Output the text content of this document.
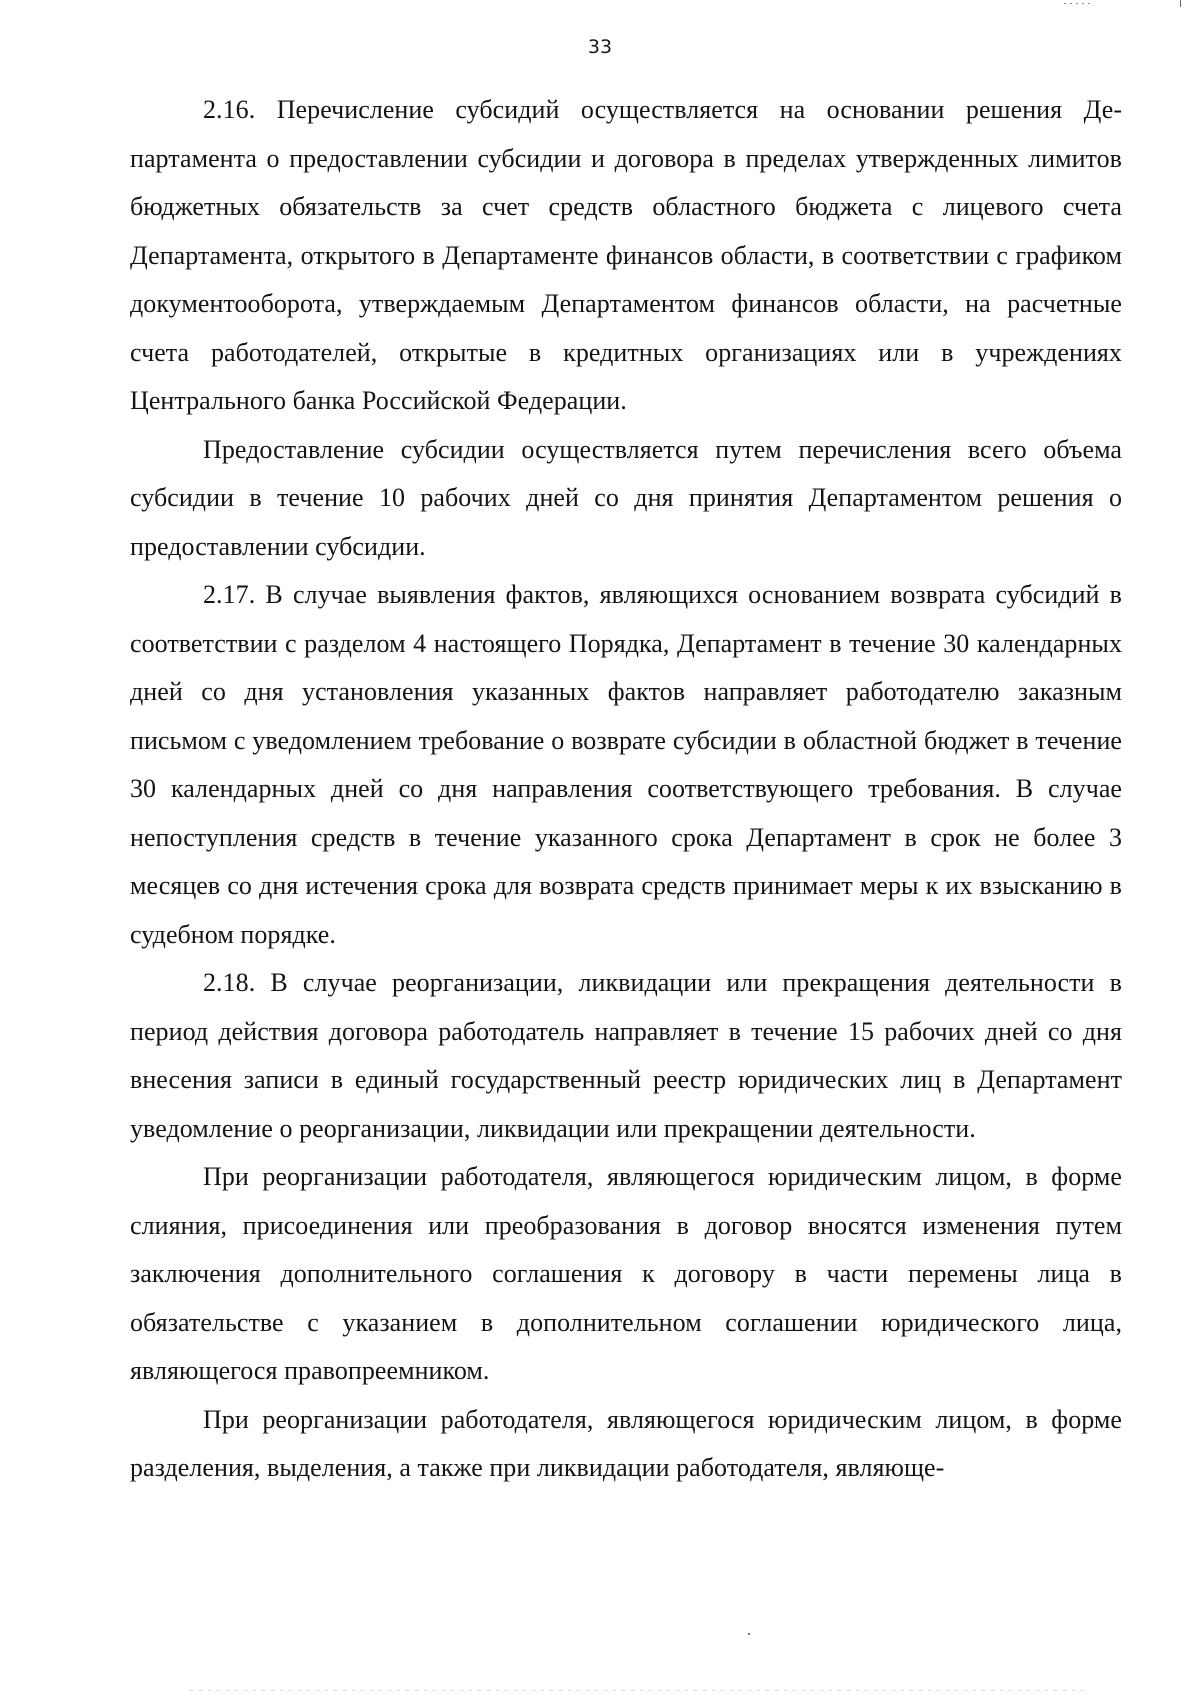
33

2.16. Перечисление субсидий осуществляется на основании решения Департамента о предоставлении субсидии и договора в пределах утвержденных лимитов бюджетных обязательств за счет средств областного бюджета с лицевого счета Департамента, открытого в Департаменте финансов области, в соответствии с графиком документооборота, утверждаемым Департаментом финансов области, на расчетные счета работодателей, открытые в кредитных организациях или в учреждениях Центрального банка Российской Федерации.

Предоставление субсидии осуществляется путем перечисления всего объема субсидии в течение 10 рабочих дней со дня принятия Департаментом решения о предоставлении субсидии.

2.17. В случае выявления фактов, являющихся основанием возврата субсидий в соответствии с разделом 4 настоящего Порядка, Департамент в течение 30 календарных дней со дня установления указанных фактов направляет работодателю заказным письмом с уведомлением требование о возврате субсидии в областной бюджет в течение 30 календарных дней со дня направления соответствующего требования. В случае непоступления средств в течение указанного срока Департамент в срок не более 3 месяцев со дня истечения срока для возврата средств принимает меры к их взысканию в судебном порядке.

2.18. В случае реорганизации, ликвидации или прекращения деятельности в период действия договора работодатель направляет в течение 15 рабочих дней со дня внесения записи в единый государственный реестр юридических лиц в Департамент уведомление о реорганизации, ликвидации или прекращении деятельности.

При реорганизации работодателя, являющегося юридическим лицом, в форме слияния, присоединения или преобразования в договор вносятся изменения путем заключения дополнительного соглашения к договору в части перемены лица в обязательстве с указанием в дополнительном соглашении юридического лица, являющегося правопреемником.

При реорганизации работодателя, являющегося юридическим лицом, в форме разделения, выделения, а также при ликвидации работодателя, являюще-
